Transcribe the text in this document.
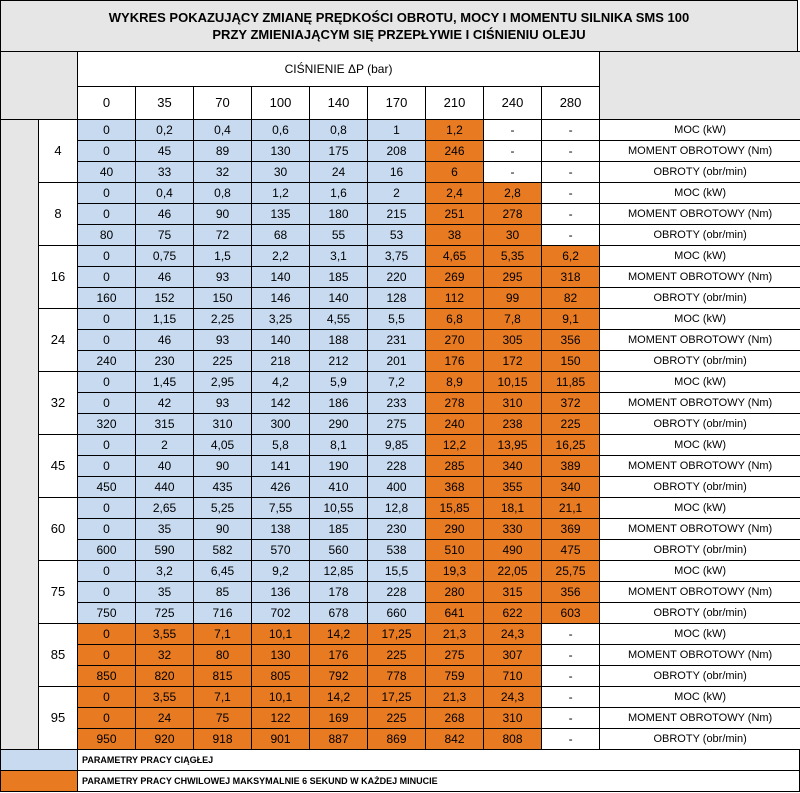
WYKRES POKAZUJĄCY ZMIANĘ PRĘDKOŚCI OBROTU, MOCY I MOMENTU SILNIKA SMS 100
PRZY ZMIENIAJĄCYM SIĘ PRZEPŁYWIE I CIŚNIENIU OLEJU
		CIŚNIENIE ΔP (bar)									
		0	35	70	100	140	170	210	240	280	
	4	0	0,2	0,4	0,6	0,8	1	1,2	-	-	MOC (kW)
		0	45	89	130	175	208	246	-	-	MOMENT OBROTOWY (Nm)
		40	33	32	30	24	16	6	-	-	OBROTY (obr/min)
	8	0	0,4	0,8	1,2	1,6	2	2,4	2,8	-	MOC (kW)
		0	46	90	135	180	215	251	278	-	MOMENT OBROTOWY (Nm)
		80	75	72	68	55	53	38	30	-	OBROTY (obr/min)
	16	0	0,75	1,5	2,2	3,1	3,75	4,65	5,35	6,2	MOC (kW)
		0	46	93	140	185	220	269	295	318	MOMENT OBROTOWY (Nm)
		160	152	150	146	140	128	112	99	82	OBROTY (obr/min)
	24	0	1,15	2,25	3,25	4,55	5,5	6,8	7,8	9,1	MOC (kW)
		0	46	93	140	188	231	270	305	356	MOMENT OBROTOWY (Nm)
		240	230	225	218	212	201	176	172	150	OBROTY (obr/min)
	32	0	1,45	2,95	4,2	5,9	7,2	8,9	10,15	11,85	MOC (kW)
		0	42	93	142	186	233	278	310	372	MOMENT OBROTOWY (Nm)
		320	315	310	300	290	275	240	238	225	OBROTY (obr/min)
	45	0	2	4,05	5,8	8,1	9,85	12,2	13,95	16,25	MOC (kW)
		0	40	90	141	190	228	285	340	389	MOMENT OBROTOWY (Nm)
		450	440	435	426	410	400	368	355	340	OBROTY (obr/min)
	60	0	2,65	5,25	7,55	10,55	12,8	15,85	18,1	21,1	MOC (kW)
		0	35	90	138	185	230	290	330	369	MOMENT OBROTOWY (Nm)
		600	590	582	570	560	538	510	490	475	OBROTY (obr/min)
	75	0	3,2	6,45	9,2	12,85	15,5	19,3	22,05	25,75	MOC (kW)
		0	35	85	136	178	228	280	315	356	MOMENT OBROTOWY (Nm)
		750	725	716	702	678	660	641	622	603	OBROTY (obr/min)
	85	0	3,55	7,1	10,1	14,2	17,25	21,3	24,3	-	MOC (kW)
		0	32	80	130	176	225	275	307	-	MOMENT OBROTOWY (Nm)
		850	820	815	805	792	778	759	710	-	OBROTY (obr/min)
	95	0	3,55	7,1	10,1	14,2	17,25	21,3	24,3	-	MOC (kW)
		0	24	75	122	169	225	268	310	-	MOMENT OBROTOWY (Nm)
		950	920	918	901	887	869	842	808	-	OBROTY (obr/min)
	PARAMETRY PRACY CIĄGŁEJ
	PARAMETRY PRACY CHWILOWEJ MAKSYMALNIE 6 SEKUND W KAŻDEJ MINUCIE
